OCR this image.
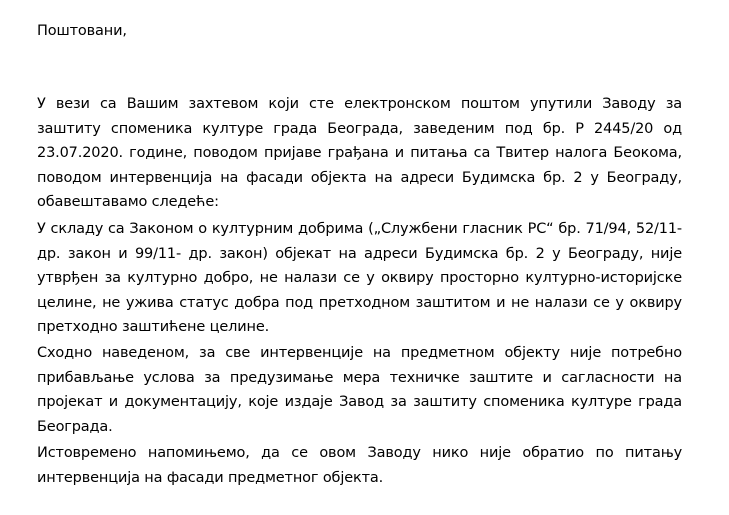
Поштовани,

У вези са Вашим захтевом који сте електронском поштом упутили Заводу за заштиту споменика културе града Београда, заведеним под бр. Р 2445/20 од 23.07.2020. године, поводом пријаве грађана и питања са Твитер налога Беокома, поводом интервенција на фасади објекта на адреси Будимска бр. 2 у Београду, обавештавамо следеће:

У складу са Законом о културним добрима („Службени гласник РС“ бр. 71/94, 52/11- др. закон и 99/11- др. закон) објекат на адреси Будимска бр. 2 у Београду, није утврђен за културно добро, не налази се у оквиру просторно културно-историјске целине, не ужива статус добра под претходном заштитом и не налази се у оквиру претходно заштићене целине.

Сходно наведеном, за све интервенције на предметном објекту није потребно прибављање услова за предузимање мера техничке заштите и сагласности на пројекат и документацију, које издаје Завод за заштиту споменика културе града Београда.

Истовремено напомињемо, да се овом Заводу нико није обратио по питању интервенција на фасади предметног објекта.
